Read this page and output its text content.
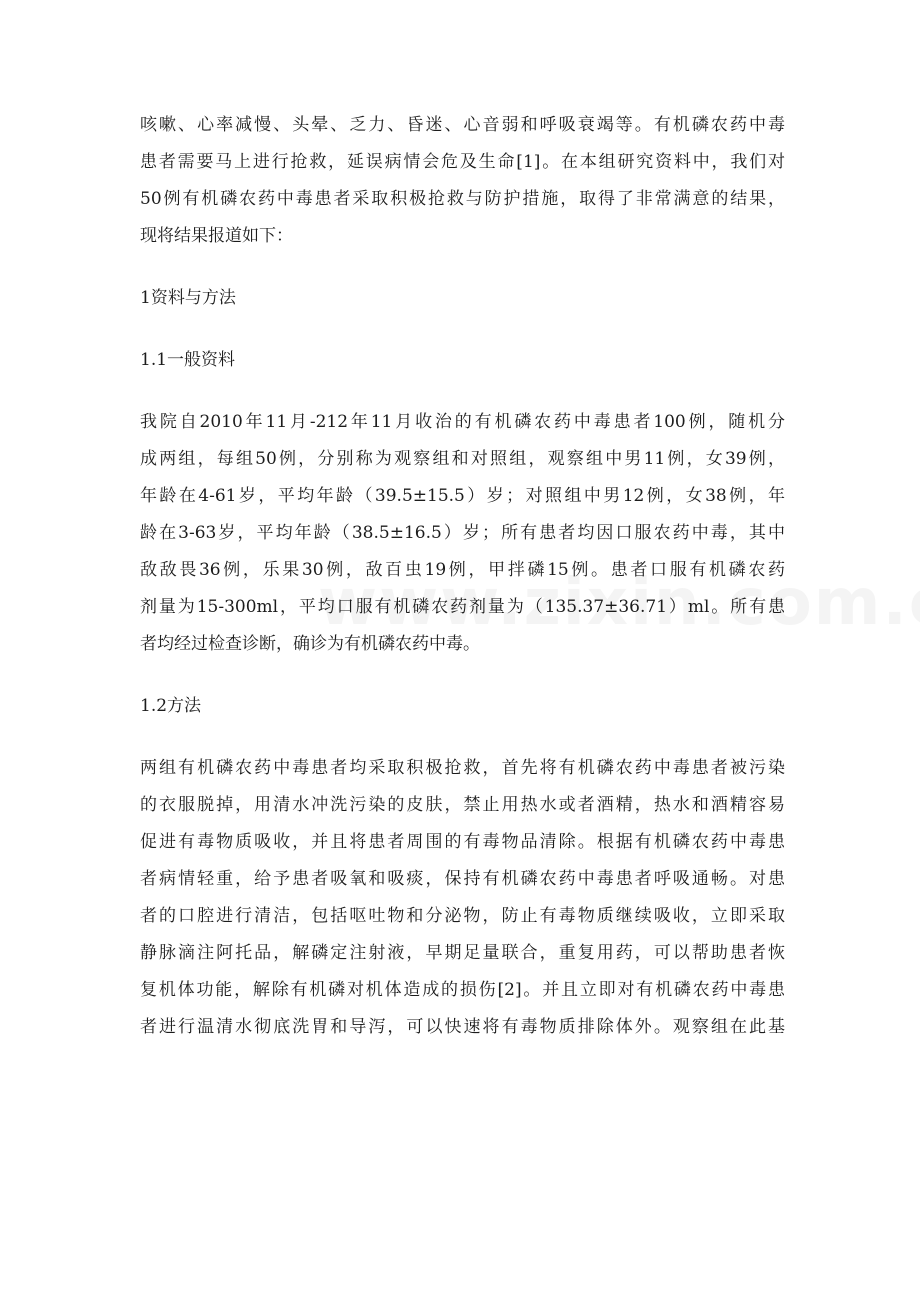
咳嗽、心率减慢、头晕、乏力、昏迷、心音弱和呼吸衰竭等。有机磷农药中毒
患者需要马上进行抢救，延误病情会危及生命[1]。在本组研究资料中，我们对
50例有机磷农药中毒患者采取积极抢救与防护措施，取得了非常满意的结果，
现将结果报道如下：
1资料与方法
1.1一般资料
我院自2010年11月-212年11月收治的有机磷农药中毒患者100例，随机分
成两组，每组50例，分别称为观察组和对照组，观察组中男11例，女39例，
年龄在4-61岁，平均年龄（39.5±15.5）岁；对照组中男12例，女38例，年
龄在3-63岁，平均年龄（38.5±16.5）岁；所有患者均因口服农药中毒，其中
敌敌畏36例，乐果30例，敌百虫19例，甲拌磷15例。患者口服有机磷农药
剂量为15-300ml，平均口服有机磷农药剂量为（135.37±36.71）ml。所有患
者均经过检查诊断，确诊为有机磷农药中毒。
1.2方法
两组有机磷农药中毒患者均采取积极抢救，首先将有机磷农药中毒患者被污染
的衣服脱掉，用清水冲洗污染的皮肤，禁止用热水或者酒精，热水和酒精容易
促进有毒物质吸收，并且将患者周围的有毒物品清除。根据有机磷农药中毒患
者病情轻重，给予患者吸氧和吸痰，保持有机磷农药中毒患者呼吸通畅。对患
者的口腔进行清洁，包括呕吐物和分泌物，防止有毒物质继续吸收，立即采取
静脉滴注阿托品，解磷定注射液，早期足量联合，重复用药，可以帮助患者恢
复机体功能，解除有机磷对机体造成的损伤[2]。并且立即对有机磷农药中毒患
者进行温清水彻底洗胃和导泻，可以快速将有毒物质排除体外。观察组在此基
